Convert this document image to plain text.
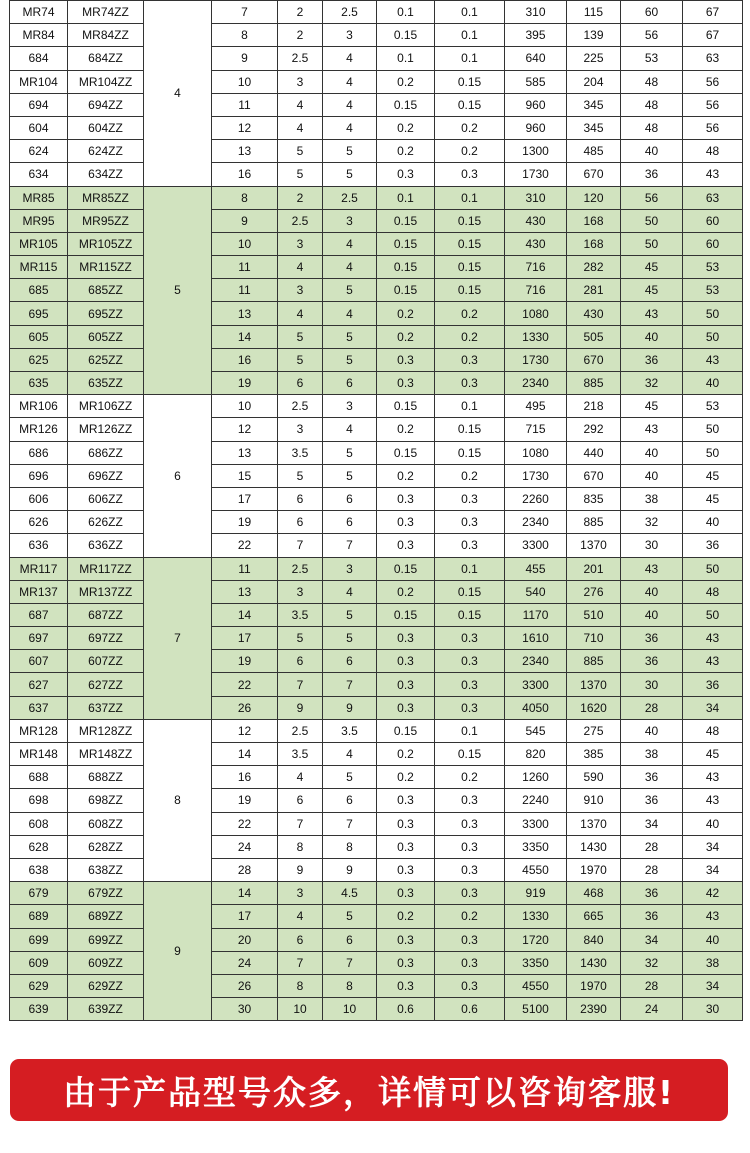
MR74	MR74ZZ	4	7	2	2.5	0.1	0.1	310	115	60	67
MR84	MR84ZZ		8	2	3	0.15	0.1	395	139	56	67
684	684ZZ		9	2.5	4	0.1	0.1	640	225	53	63
MR104	MR104ZZ		10	3	4	0.2	0.15	585	204	48	56
694	694ZZ		11	4	4	0.15	0.15	960	345	48	56
604	604ZZ		12	4	4	0.2	0.2	960	345	48	56
624	624ZZ		13	5	5	0.2	0.2	1300	485	40	48
634	634ZZ		16	5	5	0.3	0.3	1730	670	36	43
MR85	MR85ZZ	5	8	2	2.5	0.1	0.1	310	120	56	63
MR95	MR95ZZ		9	2.5	3	0.15	0.15	430	168	50	60
MR105	MR105ZZ		10	3	4	0.15	0.15	430	168	50	60
MR115	MR115ZZ		11	4	4	0.15	0.15	716	282	45	53
685	685ZZ		11	3	5	0.15	0.15	716	281	45	53
695	695ZZ		13	4	4	0.2	0.2	1080	430	43	50
605	605ZZ		14	5	5	0.2	0.2	1330	505	40	50
625	625ZZ		16	5	5	0.3	0.3	1730	670	36	43
635	635ZZ		19	6	6	0.3	0.3	2340	885	32	40
MR106	MR106ZZ	6	10	2.5	3	0.15	0.1	495	218	45	53
MR126	MR126ZZ		12	3	4	0.2	0.15	715	292	43	50
686	686ZZ		13	3.5	5	0.15	0.15	1080	440	40	50
696	696ZZ		15	5	5	0.2	0.2	1730	670	40	45
606	606ZZ		17	6	6	0.3	0.3	2260	835	38	45
626	626ZZ		19	6	6	0.3	0.3	2340	885	32	40
636	636ZZ		22	7	7	0.3	0.3	3300	1370	30	36
MR117	MR117ZZ	7	11	2.5	3	0.15	0.1	455	201	43	50
MR137	MR137ZZ		13	3	4	0.2	0.15	540	276	40	48
687	687ZZ		14	3.5	5	0.15	0.15	1170	510	40	50
697	697ZZ		17	5	5	0.3	0.3	1610	710	36	43
607	607ZZ		19	6	6	0.3	0.3	2340	885	36	43
627	627ZZ		22	7	7	0.3	0.3	3300	1370	30	36
637	637ZZ		26	9	9	0.3	0.3	4050	1620	28	34
MR128	MR128ZZ	8	12	2.5	3.5	0.15	0.1	545	275	40	48
MR148	MR148ZZ		14	3.5	4	0.2	0.15	820	385	38	45
688	688ZZ		16	4	5	0.2	0.2	1260	590	36	43
698	698ZZ		19	6	6	0.3	0.3	2240	910	36	43
608	608ZZ		22	7	7	0.3	0.3	3300	1370	34	40
628	628ZZ		24	8	8	0.3	0.3	3350	1430	28	34
638	638ZZ		28	9	9	0.3	0.3	4550	1970	28	34
679	679ZZ	9	14	3	4.5	0.3	0.3	919	468	36	42
689	689ZZ		17	4	5	0.2	0.2	1330	665	36	43
699	699ZZ		20	6	6	0.3	0.3	1720	840	34	40
609	609ZZ		24	7	7	0.3	0.3	3350	1430	32	38
629	629ZZ		26	8	8	0.3	0.3	4550	1970	28	34
639	639ZZ		30	10	10	0.6	0.6	5100	2390	24	30
由于产品型号众多，详情可以咨询客服!
